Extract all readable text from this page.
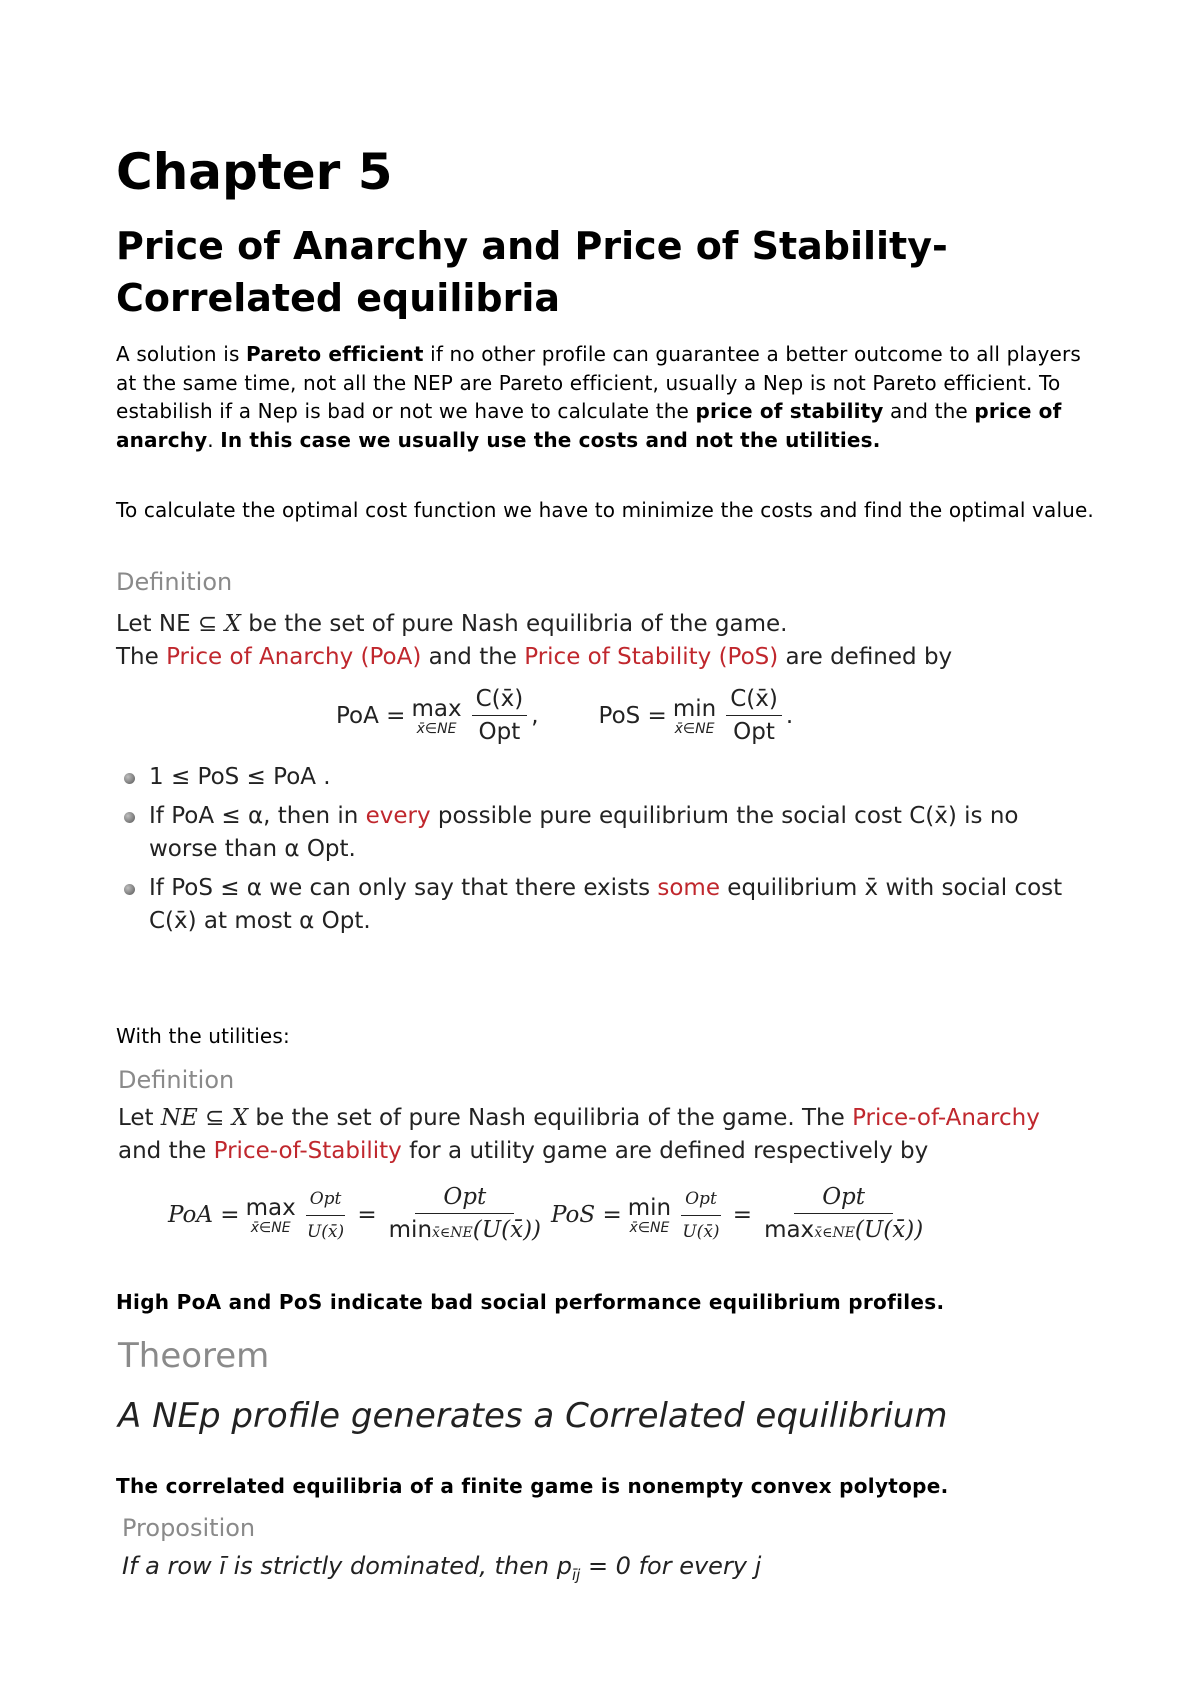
Chapter 5
Price of Anarchy and Price of Stability-Correlated equilibria

A solution is Pareto efficient if no other profile can guarantee a better outcome to all players at the same time, not all the NEP are Pareto efficient, usually a Nep is not Pareto efficient. To estabilish if a Nep is bad or not we have to calculate the price of stability and the price of anarchy. In this case we usually use the costs and not the utilities.

To calculate the optimal cost function we have to minimize the costs and find the optimal value.

Definition
Let NE ⊆ X be the set of pure Nash equilibria of the game.
The Price of Anarchy (PoA) and the Price of Stability (PoS) are defined by
PoA = max
x̄∈NE $\frac{C(x̄)}{\text{Opt}}$ ,	PoS = min
x̄∈NE $\frac{C(x̄)}{\text{Opt}}$ .
1 ≤ PoS ≤ PoA .
If PoA ≤ α, then in every possible pure equilibrium the social cost C(x̄) is no worse than α Opt.
If PoS ≤ α we can only say that there exists some equilibrium x̄ with social cost C(x̄) at most α Opt.

With the utilities:

Definition
Let NE ⊆ X be the set of pure Nash equilibria of the game. The Price-of-Anarchy
and the Price-of-Stability for a utility game are defined respectively by
PoA = max
x̄∈NE $\frac{\text{Opt}}{U(x̄)} = \frac{\text{Opt}}{\min x̄\in NE(U(x̄))}$ PoS = min
x̄∈NE $\frac{\text{Opt}}{U(x̄)} = \frac{\text{Opt}}{\max x̄\in NE(U(x̄))}$

High PoA and PoS indicate bad social performance equilibrium profiles.

Theorem
A NEp profile generates a Correlated equilibrium

The correlated equilibria of a finite game is nonempty convex polytope.

Proposition
If a row ī is strictly dominated, then $p_{īj} = 0$ for every j
